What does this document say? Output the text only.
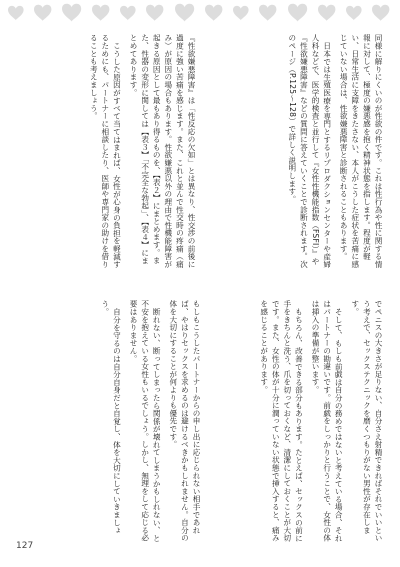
同様に解りにくいのが性欲の件です。これは性行為や性に関する情報に対して、極度の嫌悪感を抱く精神状態を指します。程度が軽い、日常生活に支障をきたさない、本人がこうした症状を苦痛に感じていない場合は、性欲嫌悪障害と診断されることもあります。

日本では生殖医療を専門とするリプロダクションセンターや産婦人科などで、医学的検査と並行して『女性性機能指数（FSFI）』や『性欲嫌悪障害』などの質問に答えていくことで診断されます。次のページ（P.125〜128）で詳しく説明します。

『性欲嫌悪障害』は「性反応の欠如」とは異なり、性交渉の前後に過度に強い苦痛を感じます。また、これと並んで性交時の疼痛（痛み）が原因の場合もあります。性欲嫌悪以外の理由で性機能障害が起きる原因として最もあり得るものを、【表２】にまとめます。また、性器の変形に関しては【表３】「不完全な勃起」、【表４】にまとめてあります。

こうした原因がすべて当てはまれば、女性が心身の負担を軽減するためにも、パートナーに相談したり、医師や専門家の助けを借りることも考えましょう。

でペニスの大きさが足りない、自分さえ射精できればそれでいいという考えで、セックステクニックを磨くつもりがない男性が存在します。

そして、もしも前戯は自分の務めではないと考えている場合、それはパートナーの勘違いです。前戯をしっかりと行うことで、女性の体は挿入の準備が整います。

もちろん、改善できる部分もあります。たとえば、セックスの前に手をきちんと洗う、爪を切っておくなど、清潔にしておくことが大切です。また、女性の体が十分に潤っていない状態で挿入すると、痛みを感じることがあります。

もしもこうしたパートナーからの申し出に応じられない相手であれば、やはりセックスを求めるのは避けるべきかもしれません。自分の体を大切にすることが何よりも優先です。

断れない、断ってしまったら関係が壊れてしまうかもしれない、と不安を抱えている女性もいるでしょう。しかし、無理をして応じる必要はありません。

自分を守るのは自分自身だと自覚し、体を大切にしていきましょう。

127
